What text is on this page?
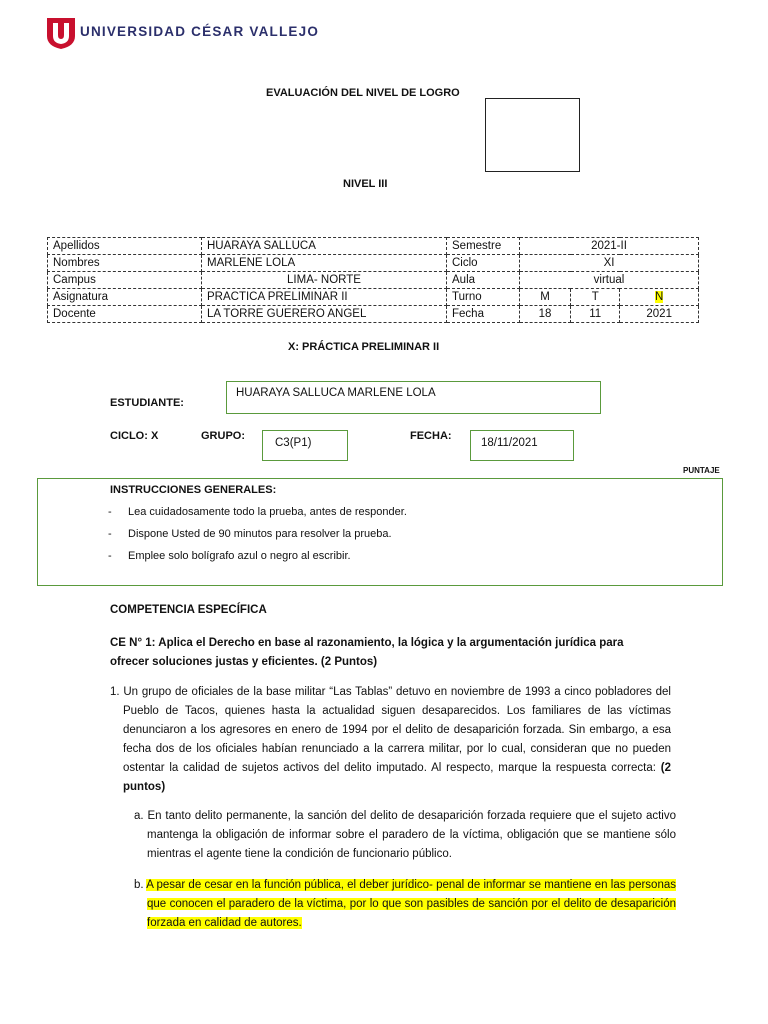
UNIVERSIDAD CÉSAR VALLEJO
EVALUACIÓN DEL NIVEL DE LOGRO
NIVEL III
Apellidos	HUARAYA SALLUCA	Semestre	2021-II		
Nombres	MARLENE LOLA	Ciclo	XI		
Campus	LIMA- NORTE	Aula	virtual		
Asignatura	PRACTICA PRELIMINAR II	Turno	M	T	N
Docente	LA TORRE GUERERO ANGEL	Fecha	18	11	2021
X: PRÁCTICA PRELIMINAR II
ESTUDIANTE:
HUARAYA SALLUCA MARLENE LOLA
CICLO: X	GRUPO:
C3(P1)
FECHA:
18/11/2021
PUNTAJE
INSTRUCCIONES GENERALES:
- Lea cuidadosamente todo la prueba, antes de responder.
- Dispone Usted de 90 minutos para resolver la prueba.
- Emplee solo bolígrafo azul o negro al escribir.
COMPETENCIA ESPECÍFICA
CE N° 1: Aplica el Derecho en base al razonamiento, la lógica y la argumentación jurídica para ofrecer soluciones justas y eficientes. (2 Puntos)
1. Un grupo de oficiales de la base militar “Las Tablas” detuvo en noviembre de 1993 a cinco pobladores del Pueblo de Tacos, quienes hasta la actualidad siguen desaparecidos. Los familiares de las víctimas denunciaron a los agresores en enero de 1994 por el delito de desaparición forzada. Sin embargo, a esa fecha dos de los oficiales habían renunciado a la carrera militar, por lo cual, consideran que no pueden ostentar la calidad de sujetos activos del delito imputado. Al respecto, marque la respuesta correcta: (2 puntos)
a. En tanto delito permanente, la sanción del delito de desaparición forzada requiere que el sujeto activo mantenga la obligación de informar sobre el paradero de la víctima, obligación que se mantiene sólo mientras el agente tiene la condición de funcionario público.
b. A pesar de cesar en la función pública, el deber jurídico- penal de informar se mantiene en las personas que conocen el paradero de la víctima, por lo que son pasibles de sanción por el delito de desaparición forzada en calidad de autores.
